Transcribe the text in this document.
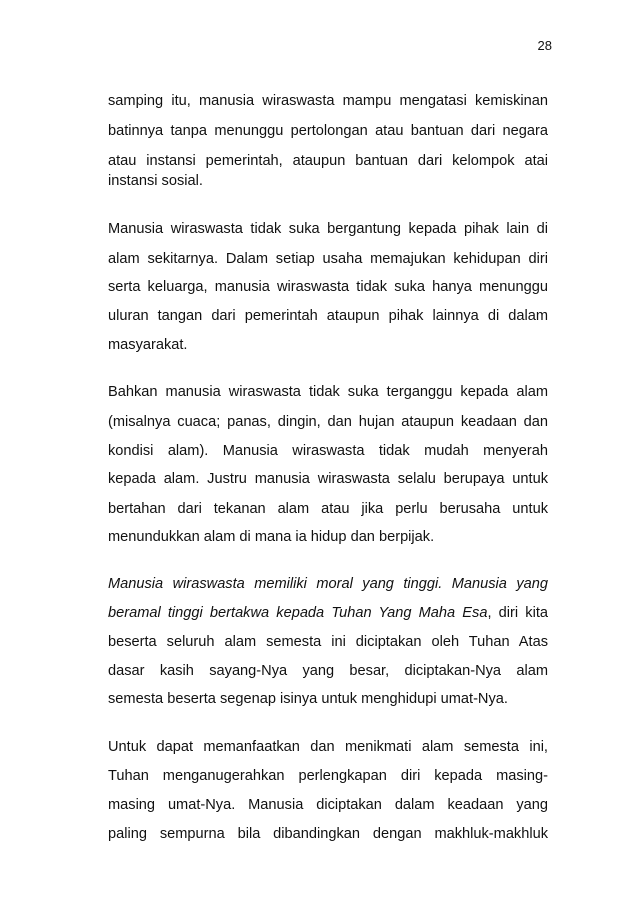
28
samping itu, manusia wiraswasta mampu mengatasi kemiskinan
batinnya tanpa menunggu pertolongan atau bantuan dari negara
atau instansi pemerintah, ataupun bantuan dari kelompok atai
instansi sosial.
Manusia wiraswasta tidak suka bergantung kepada pihak lain di
alam sekitarnya. Dalam setiap usaha memajukan kehidupan diri
serta keluarga, manusia wiraswasta tidak suka hanya menunggu
uluran tangan dari pemerintah ataupun pihak lainnya di dalam
masyarakat.
Bahkan manusia wiraswasta tidak suka terganggu kepada alam
(misalnya cuaca; panas, dingin, dan hujan ataupun keadaan dan
kondisi alam). Manusia wiraswasta tidak mudah menyerah
kepada alam. Justru manusia wiraswasta selalu berupaya untuk
bertahan dari tekanan alam atau jika perlu berusaha untuk
menundukkan alam di mana ia hidup dan berpijak.
Manusia wiraswasta memiliki moral yang tinggi. Manusia yang
beramal tinggi bertakwa kepada Tuhan Yang Maha Esa, diri kita
beserta seluruh alam semesta ini diciptakan oleh Tuhan Atas
dasar kasih sayang-Nya yang besar, diciptakan-Nya alam
semesta beserta segenap isinya untuk menghidupi umat-Nya.
Untuk dapat memanfaatkan dan menikmati alam semesta ini,
Tuhan menganugerahkan perlengkapan diri kepada masing-
masing umat-Nya. Manusia diciptakan dalam keadaan yang
paling sempurna bila dibandingkan dengan makhluk-makhluk
